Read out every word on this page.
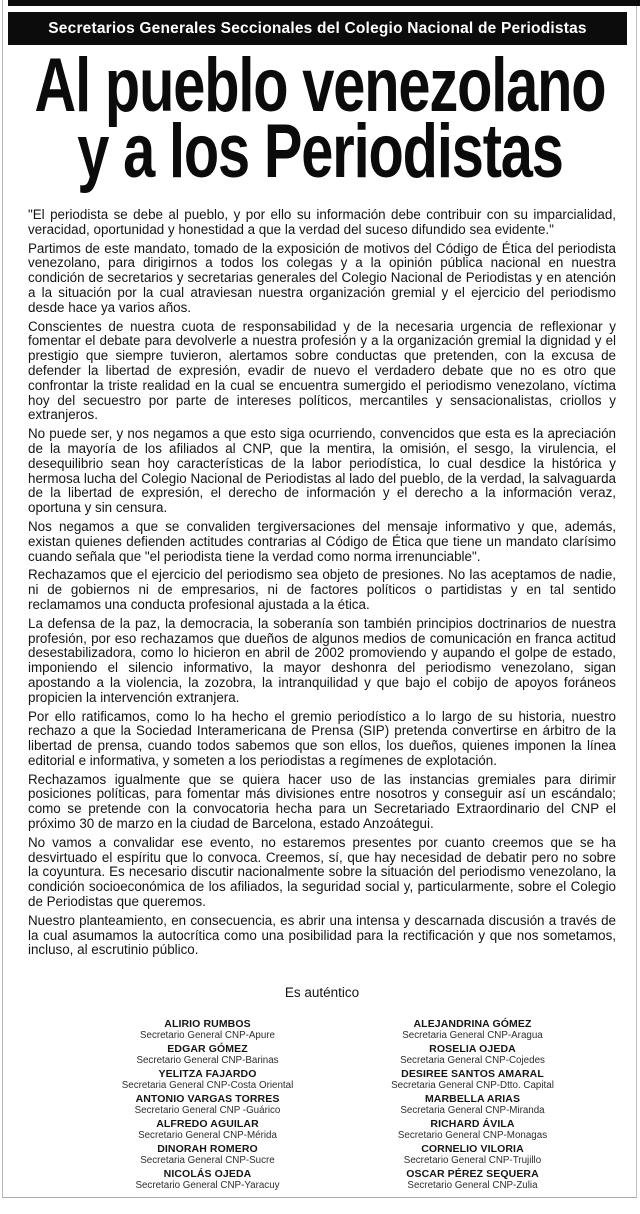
Secretarios Generales Seccionales del Colegio Nacional de Periodistas
Al pueblo venezolano
y a los Periodistas

"El periodista se debe al pueblo, y por ello su información debe contribuir con su imparcialidad, veracidad, oportunidad y honestidad a que la verdad del suceso difundido sea evidente."

Partimos de este mandato, tomado de la exposición de motivos del Código de Ética del periodista venezolano, para dirigirnos a todos los colegas y a la opinión pública nacional en nuestra condición de secretarios y secretarias generales del Colegio Nacional de Periodistas y en atención a la situación por la cual atraviesan nuestra organización gremial y el ejercicio del periodismo desde hace ya varios años.

Conscientes de nuestra cuota de responsabilidad y de la necesaria urgencia de reflexionar y fomentar el debate para devolverle a nuestra profesión y a la organización gremial la dignidad y el prestigio que siempre tuvieron, alertamos sobre conductas que pretenden, con la excusa de defender la libertad de expresión, evadir de nuevo el verdadero debate que no es otro que confrontar la triste realidad en la cual se encuentra sumergido el periodismo venezolano, víctima hoy del secuestro por parte de intereses políticos, mercantiles y sensacionalistas, criollos y extranjeros.

No puede ser, y nos negamos a que esto siga ocurriendo, convencidos que esta es la apreciación de la mayoría de los afiliados al CNP, que la mentira, la omisión, el sesgo, la virulencia, el desequilibrio sean hoy características de la labor periodística, lo cual desdice la histórica y hermosa lucha del Colegio Nacional de Periodistas al lado del pueblo, de la verdad, la salvaguarda de la libertad de expresión, el derecho de información y el derecho a la información veraz, oportuna y sin censura.

Nos negamos a que se convaliden tergiversaciones del mensaje informativo y que, además, existan quienes defienden actitudes contrarias al Código de Ética que tiene un mandato clarísimo cuando señala que "el periodista tiene la verdad como norma irrenunciable".

Rechazamos que el ejercicio del periodismo sea objeto de presiones. No las aceptamos de nadie, ni de gobiernos ni de empresarios, ni de factores políticos o partidistas y en tal sentido reclamamos una conducta profesional ajustada a la ética.

La defensa de la paz, la democracia, la soberanía son también principios doctrinarios de nuestra profesión, por eso rechazamos que dueños de algunos medios de comunicación en franca actitud desestabilizadora, como lo hicieron en abril de 2002 promoviendo y aupando el golpe de estado, imponiendo el silencio informativo, la mayor deshonra del periodismo venezolano, sigan apostando a la violencia, la zozobra, la intranquilidad y que bajo el cobijo de apoyos foráneos propicien la intervención extranjera.

Por ello ratificamos, como lo ha hecho el gremio periodístico a lo largo de su historia, nuestro rechazo a que la Sociedad Interamericana de Prensa (SIP) pretenda convertirse en árbitro de la libertad de prensa, cuando todos sabemos que son ellos, los dueños, quienes imponen la línea editorial e informativa, y someten a los periodistas a regímenes de explotación.

Rechazamos igualmente que se quiera hacer uso de las instancias gremiales para dirimir posiciones políticas, para fomentar más divisiones entre nosotros y conseguir así un escándalo; como se pretende con la convocatoria hecha para un Secretariado Extraordinario del CNP el próximo 30 de marzo en la ciudad de Barcelona, estado Anzoátegui.

No vamos a convalidar ese evento, no estaremos presentes por cuanto creemos que se ha desvirtuado el espíritu que lo convoca. Creemos, sí, que hay necesidad de debatir pero no sobre la coyuntura. Es necesario discutir nacionalmente sobre la situación del periodismo venezolano, la condición socioeconómica de los afiliados, la seguridad social y, particularmente, sobre el Colegio de Periodistas que queremos.

Nuestro planteamiento, en consecuencia, es abrir una intensa y descarnada discusión a través de la cual asumamos la autocrítica como una posibilidad para la rectificación y que nos sometamos, incluso, al escrutinio público.

Es auténtico
ALIRIO RUMBOS
Secretario General CNP-Apure
EDGAR GÓMEZ
Secretario General CNP-Barinas
YELITZA FAJARDO
Secretaria General CNP-Costa Oriental
ANTONIO VARGAS TORRES
Secretario General CNP -Guárico
ALFREDO AGUILAR
Secretario General CNP-Mérida
DINORAH ROMERO
Secretaria General CNP-Sucre
NICOLÁS OJEDA
Secretario General CNP-Yaracuy
ALEJANDRINA GÓMEZ
Secretaria General CNP-Aragua
ROSELIA OJEDA
Secretaria General CNP-Cojedes
DESIREE SANTOS AMARAL
Secretaria General CNP-Dtto. Capital
MARBELLA ARIAS
Secretaria General CNP-Miranda
RICHARD ÁVILA
Secretario General CNP-Monagas
CORNELIO VILORIA
Secretario General CNP-Trujillo
OSCAR PÉREZ SEQUERA
Secretario General CNP-Zulia
